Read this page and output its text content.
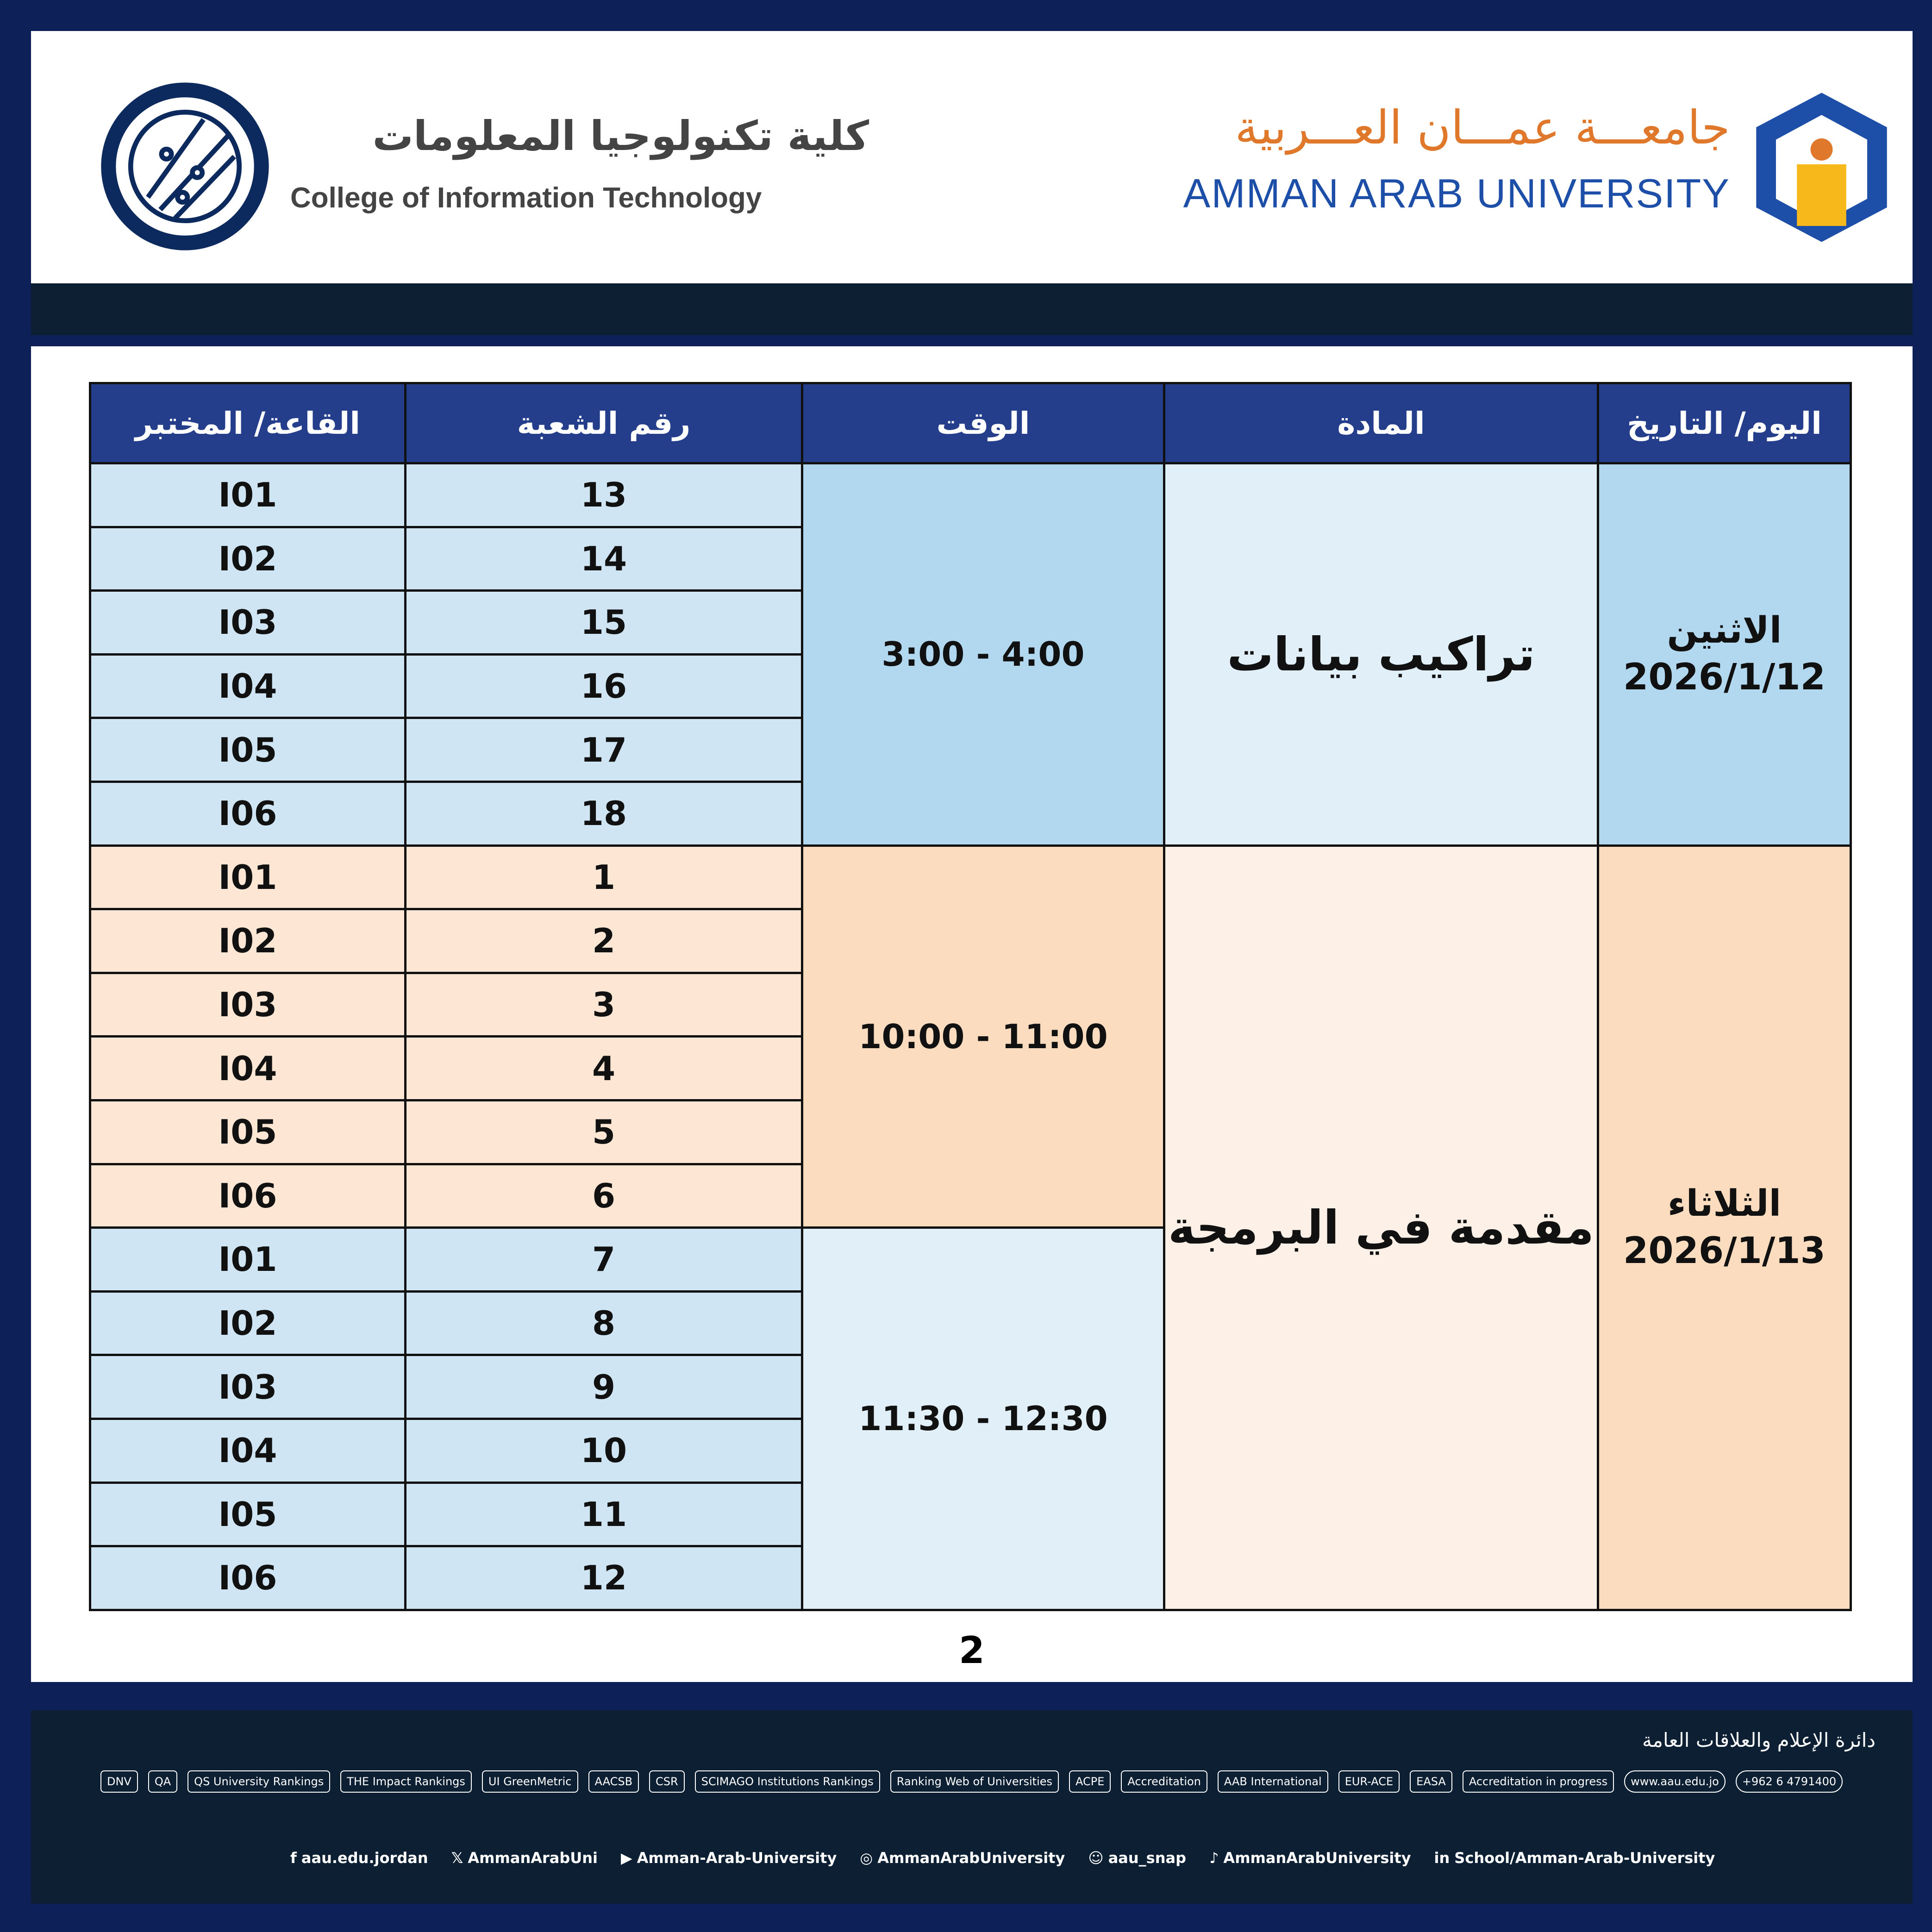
كلية تكنولوجيا المعلومات
College of Information Technology
جامعـــة عمـــان العـــربية
AMMAN ARAB UNIVERSITY
اليوم/ التاريخ	المادة	الوقت	رقم الشعبة	القاعة/ المختبر

الاثنين
2026/1/12	تراكيب بيانات	4:00 - 3:00	13	I01
			14	I02
			15	I03
			16	I04
			17	I05
			18	I06

الثلاثاء
2026/1/13	مقدمة في البرمجة	11:00 - 10:00	1	I01
			2	I02
			3	I03
			4	I04
			5	I05
			6	I06
		12:30 - 11:30	7	I01
			8	I02
			9	I03
			10	I04
			11	I05
			12	I06
2
دائرة الإعلام والعلاقات العامة
DNV	QA	QS University Rankings	THE Impact Rankings	UI GreenMetric	AACSB	CSR	SCIMAGO Institutions Rankings	Ranking Web of Universities	ACPE	Accreditation	AAB International	EUR-ACE	EASA	Accreditation in progress	www.aau.edu.jo	+962 6 4791400
f aau.edu.jordan 𝕏 AmmanArabUni ▶ Amman-Arab-University ◎ AmmanArabUniversity ☺ aau_snap ♪ AmmanArabUniversity in School/Amman-Arab-University
